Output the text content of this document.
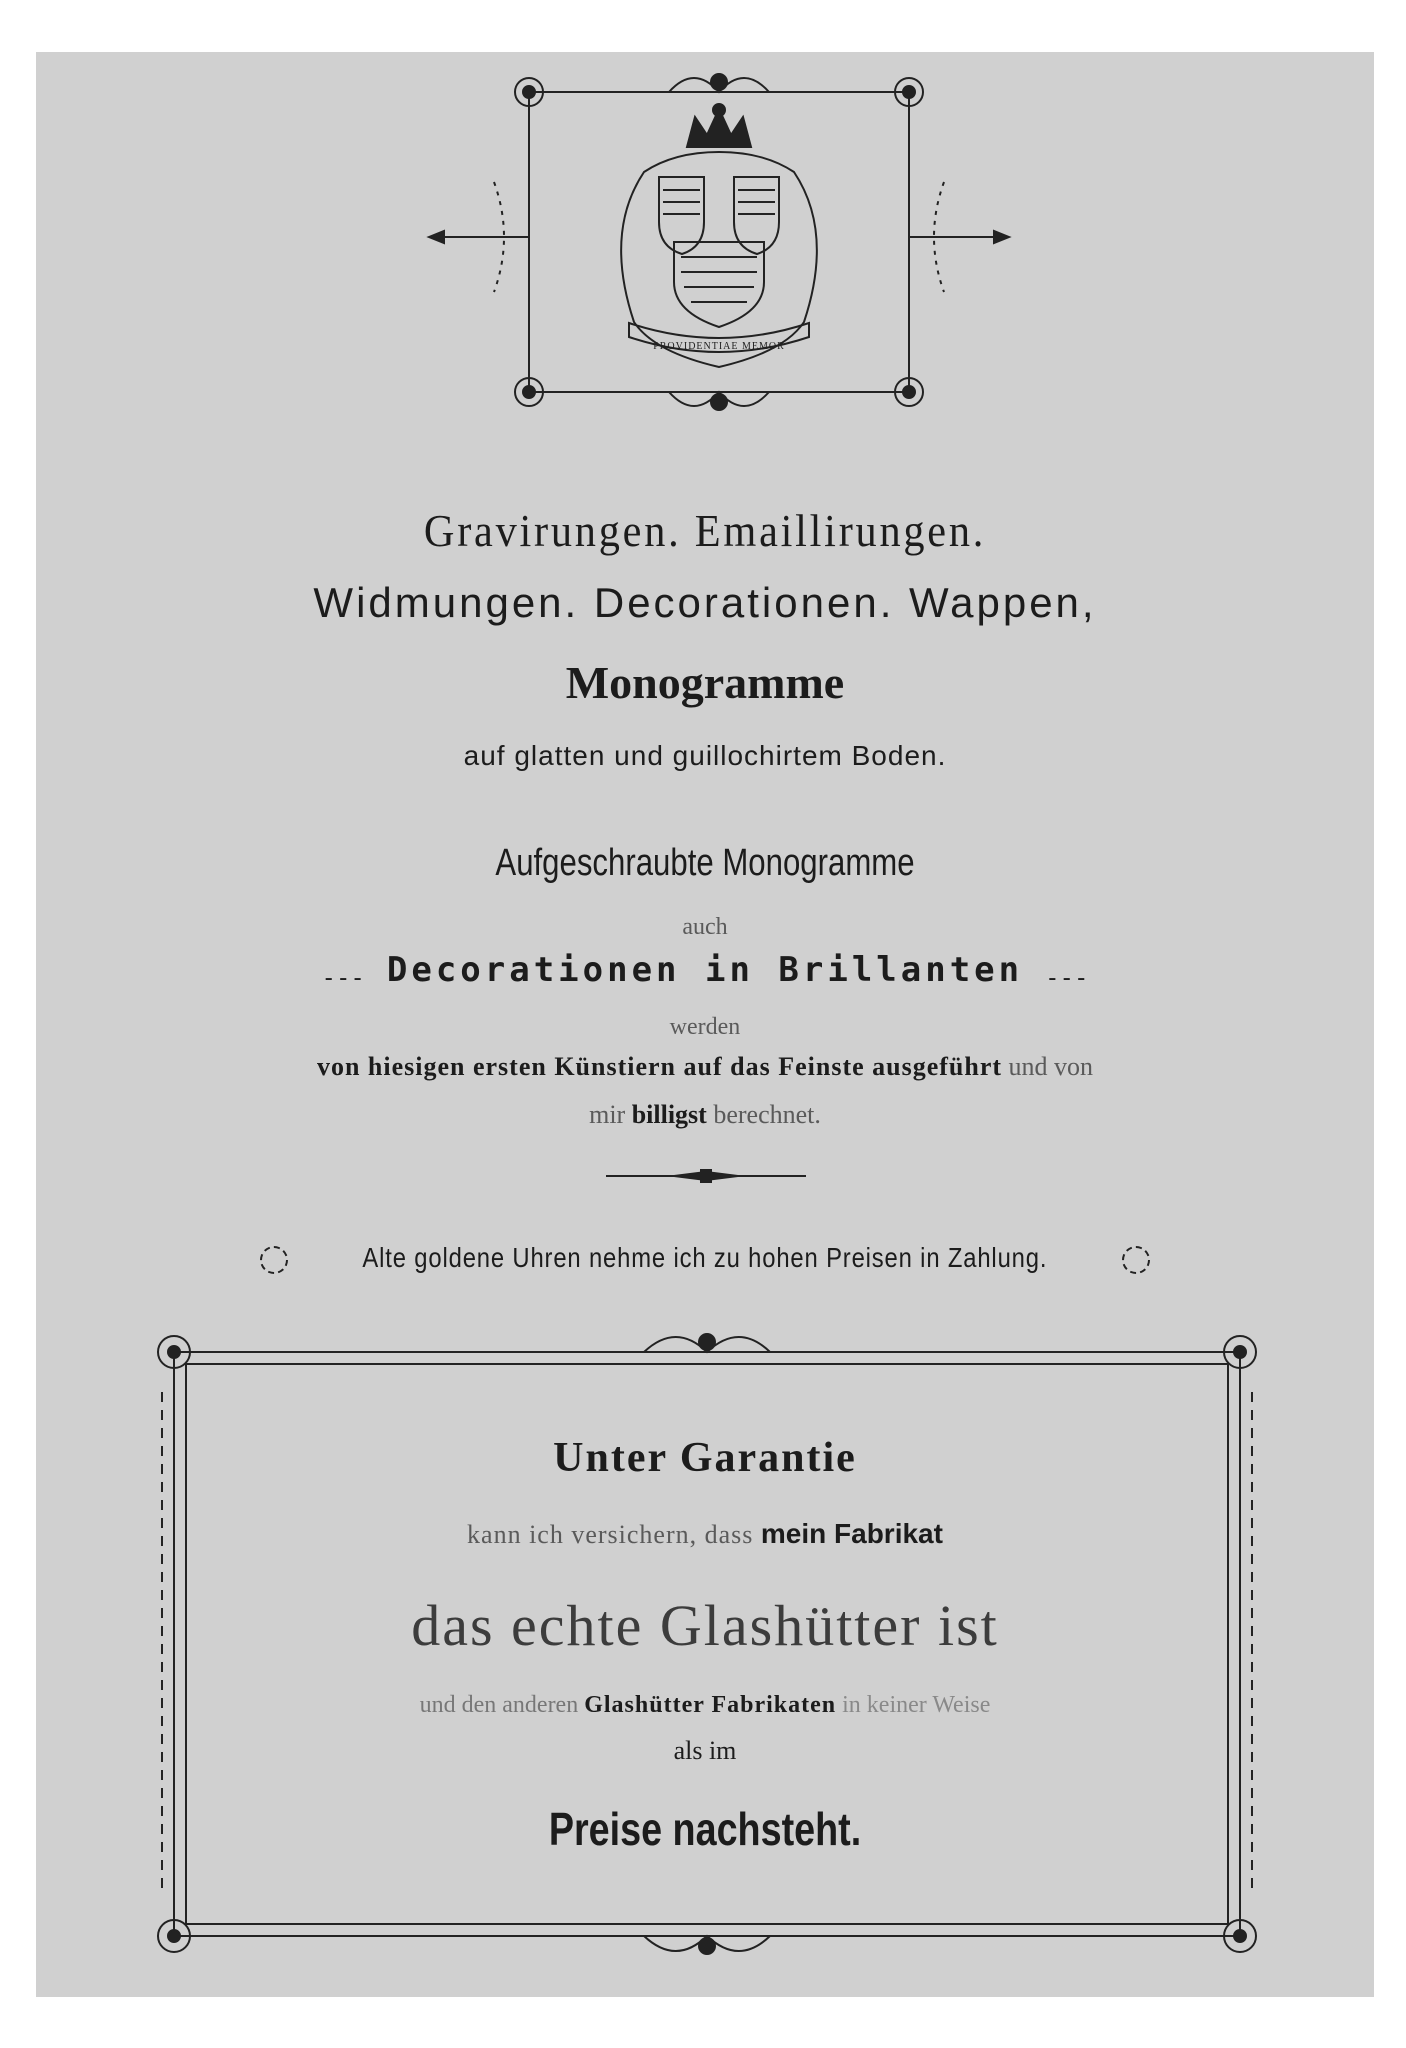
PROVIDENTIAE MEMOR
Gravirungen. Emaillirungen.
Widmungen. Decorationen. Wappen,
Monogramme
auf glatten und guillochirtem Boden.
Aufgeschraubte Monogramme
auch
--- Decorationen in Brillanten ---
werden
von hiesigen ersten Künstiern auf das Feinste ausgeführt und von
mir billigst berechnet.
Alte goldene Uhren nehme ich zu hohen Preisen in Zahlung.
Unter Garantie
kann ich versichern, dass mein Fabrikat
das echte Glashütter ist
und den anderen Glashütter Fabrikaten in keiner Weise
als im
Preise nachsteht.
